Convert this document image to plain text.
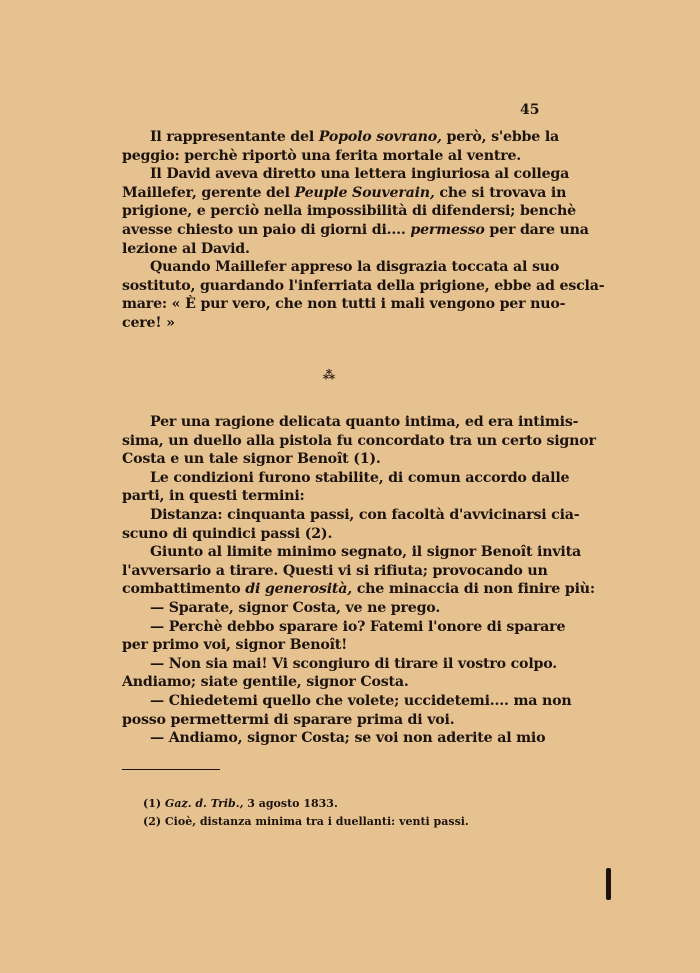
45
Il rappresentante del Popolo sovrano, però, s'ebbe la
peggio: perchè riportò una ferita mortale al ventre.
Il David aveva diretto una lettera ingiuriosa al collega
Maillefer, gerente del Peuple Souverain, che si trovava in
prigione, e perciò nella impossibilità di difendersi; benchè
avesse chiesto un paio di giorni di.... permesso per dare una
lezione al David.
Quando Maillefer appreso la disgrazia toccata al suo
sostituto, guardando l'inferriata della prigione, ebbe ad escla-
mare: « È pur vero, che non tutti i mali vengono per nuo-
cere! »
⁂
Per una ragione delicata quanto intima, ed era intimis-
sima, un duello alla pistola fu concordato tra un certo signor
Costa e un tale signor Benoît (1).
Le condizioni furono stabilite, di comun accordo dalle
parti, in questi termini:
Distanza: cinquanta passi, con facoltà d'avvicinarsi cia-
scuno di quindici passi (2).
Giunto al limite minimo segnato, il signor Benoît invita
l'avversario a tirare. Questi vi si rifiuta; provocando un
combattimento di generosità, che minaccia di non finire più:
— Sparate, signor Costa, ve ne prego.
— Perchè debbo sparare io? Fatemi l'onore di sparare
per primo voi, signor Benoît!
— Non sia mai! Vi scongiuro di tirare il vostro colpo.
Andiamo; siate gentile, signor Costa.
— Chiedetemi quello che volete; uccidetemi.... ma non
posso permettermi di sparare prima di voi.
— Andiamo, signor Costa; se voi non aderite al mio
(1) Gaz. d. Trib., 3 agosto 1833.
(2) Cioè, distanza minima tra i duellanti: venti passi.
